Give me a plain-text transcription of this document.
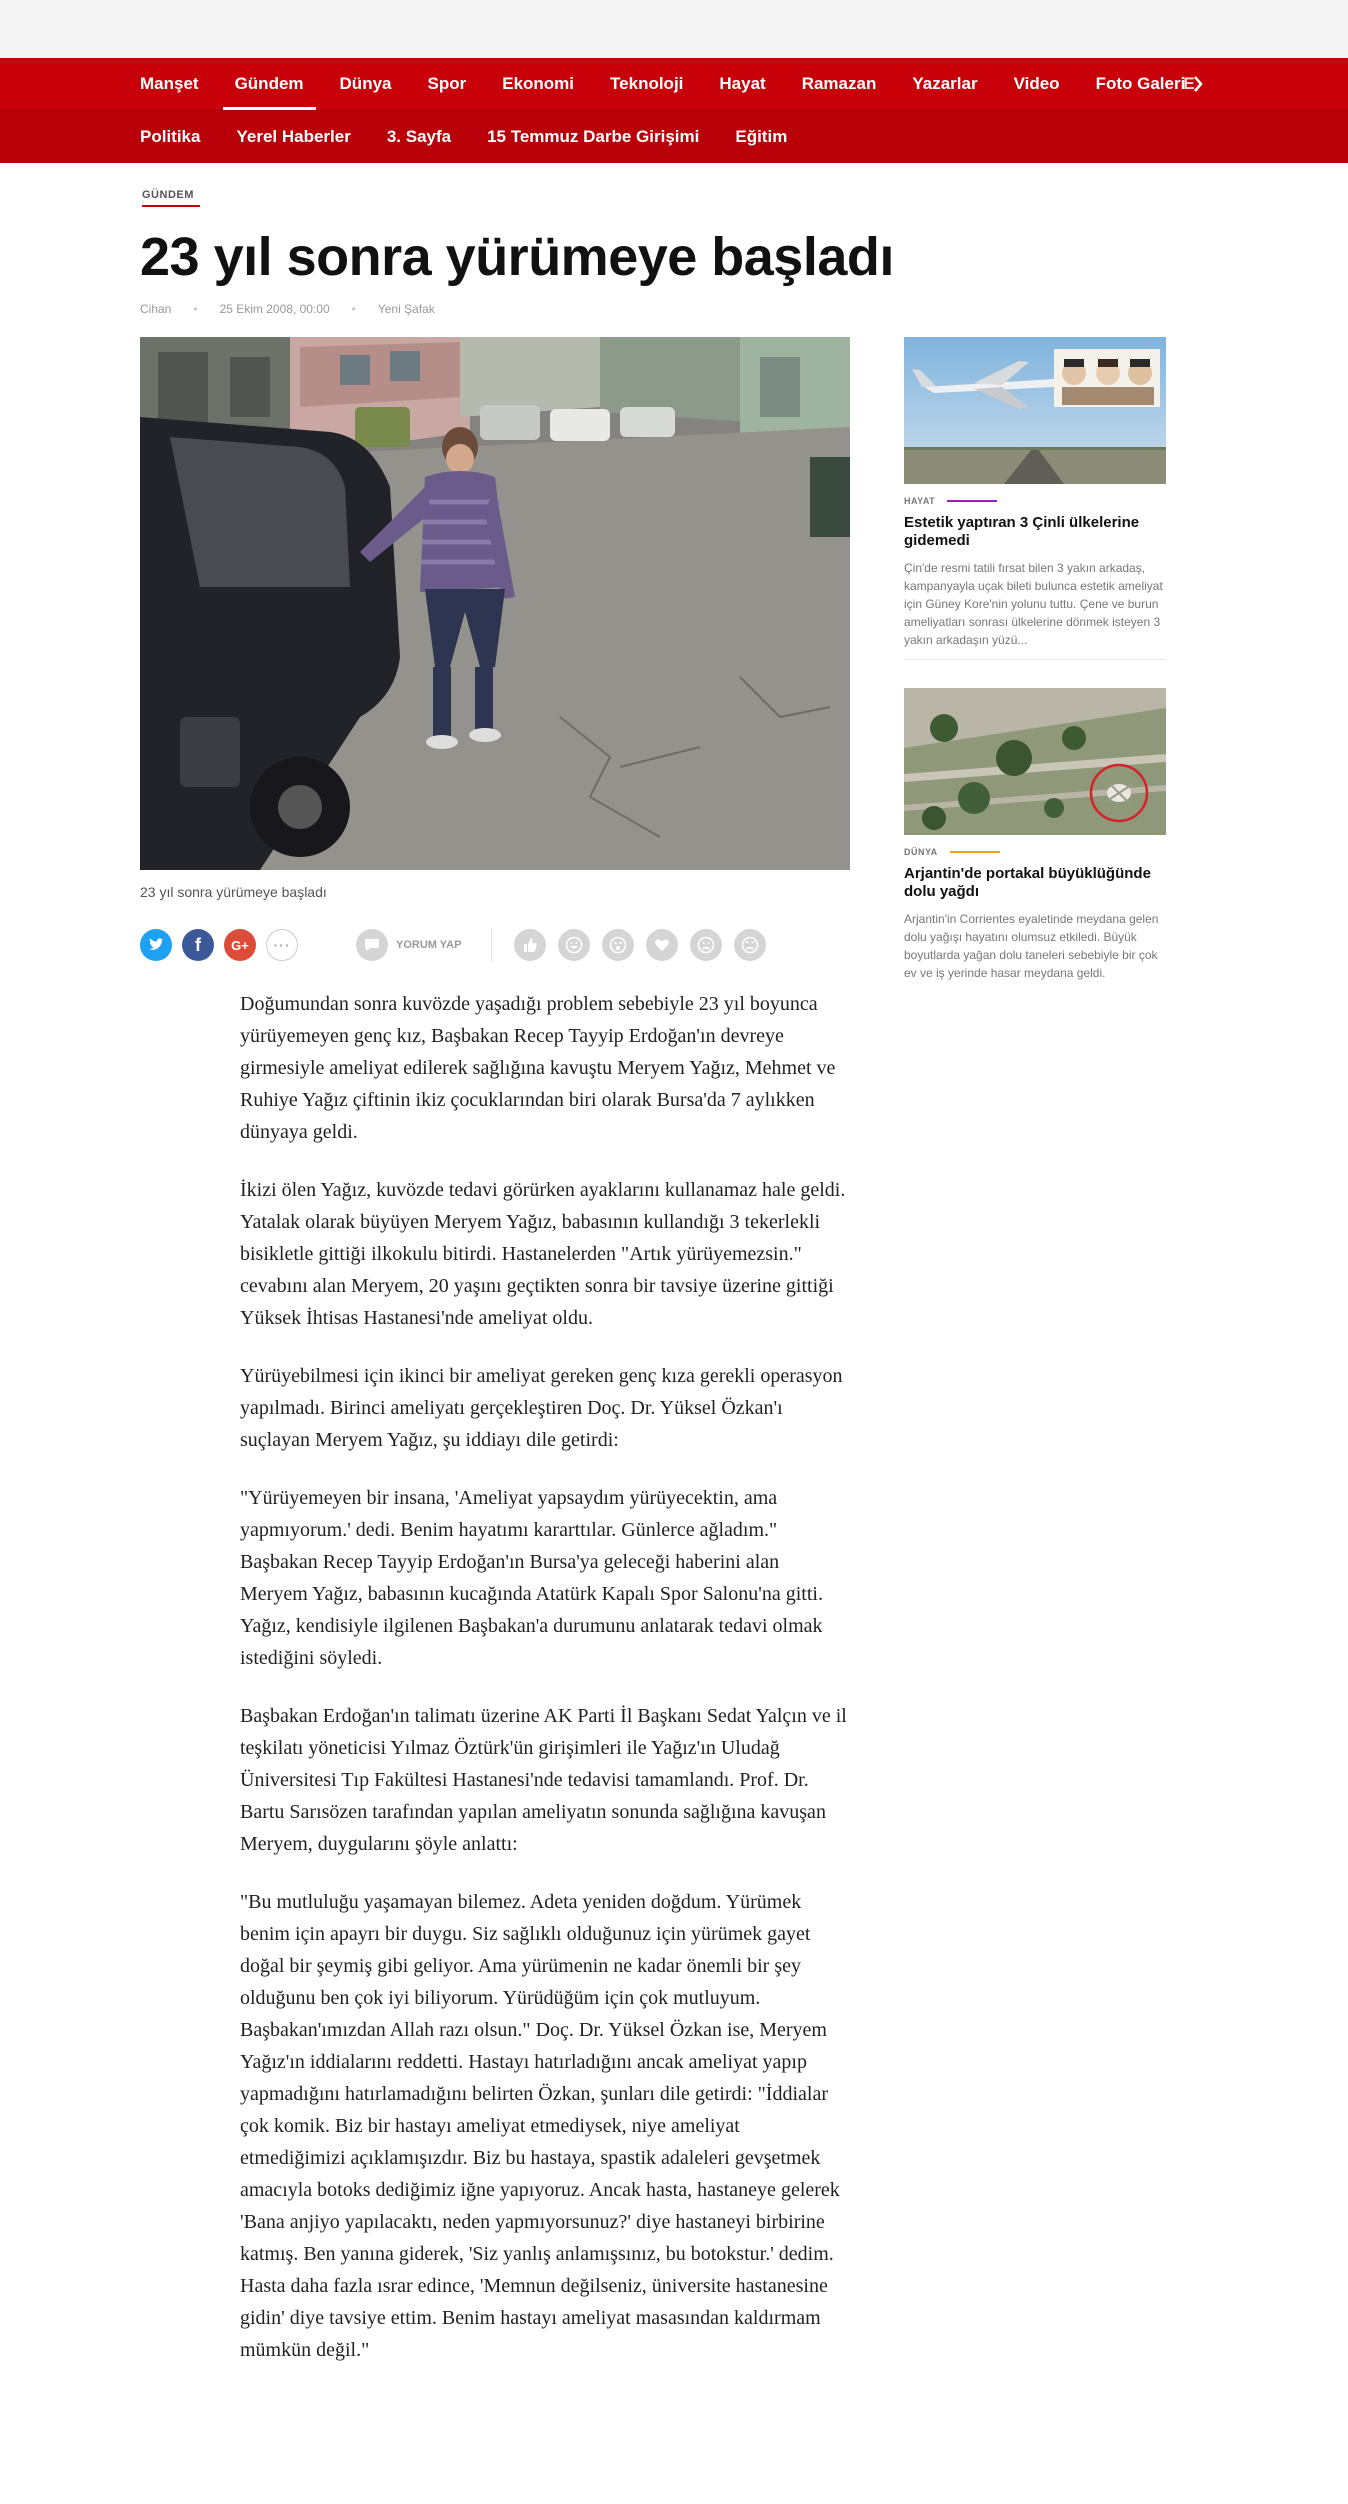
Manşet Gündem Dünya Spor Ekonomi Teknoloji Hayat Ramazan Yazarlar Video Foto Galeri
E
Politika Yerel Haberler 3. Sayfa 15 Temmuz Darbe Girişimi Eğitim
GÜNDEM
23 yıl sonra yürümeye başladı
Cihan • 25 Ekim 2008, 00:00 • Yeni Şafak
23 yıl sonra yürümeye başladı
f G+ ···	YORUM YAP

Doğumundan sonra kuvözde yaşadığı problem sebebiyle 23 yıl boyunca yürüyemeyen genç kız, Başbakan Recep Tayyip Erdoğan'ın devreye girmesiyle ameliyat edilerek sağlığına kavuştu Meryem Yağız, Mehmet ve Ruhiye Yağız çiftinin ikiz çocuklarından biri olarak Bursa'da 7 aylıkken dünyaya geldi.

İkizi ölen Yağız, kuvözde tedavi görürken ayaklarını kullanamaz hale geldi. Yatalak olarak büyüyen Meryem Yağız, babasının kullandığı 3 tekerlekli bisikletle gittiği ilkokulu bitirdi. Hastanelerden "Artık yürüyemezsin." cevabını alan Meryem, 20 yaşını geçtikten sonra bir tavsiye üzerine gittiği Yüksek İhtisas Hastanesi'nde ameliyat oldu.

Yürüyebilmesi için ikinci bir ameliyat gereken genç kıza gerekli operasyon yapılmadı. Birinci ameliyatı gerçekleştiren Doç. Dr. Yüksel Özkan'ı suçlayan Meryem Yağız, şu iddiayı dile getirdi:

"Yürüyemeyen bir insana, 'Ameliyat yapsaydım yürüyecektin, ama yapmıyorum.' dedi. Benim hayatımı kararttılar. Günlerce ağladım." Başbakan Recep Tayyip Erdoğan'ın Bursa'ya geleceği haberini alan Meryem Yağız, babasının kucağında Atatürk Kapalı Spor Salonu'na gitti. Yağız, kendisiyle ilgilenen Başbakan'a durumunu anlatarak tedavi olmak istediğini söyledi.

Başbakan Erdoğan'ın talimatı üzerine AK Parti İl Başkanı Sedat Yalçın ve il teşkilatı yöneticisi Yılmaz Öztürk'ün girişimleri ile Yağız'ın Uludağ Üniversitesi Tıp Fakültesi Hastanesi'nde tedavisi tamamlandı. Prof. Dr. Bartu Sarısözen tarafından yapılan ameliyatın sonunda sağlığına kavuşan Meryem, duygularını şöyle anlattı:

"Bu mutluluğu yaşamayan bilemez. Adeta yeniden doğdum. Yürümek benim için apayrı bir duygu. Siz sağlıklı olduğunuz için yürümek gayet doğal bir şeymiş gibi geliyor. Ama yürümenin ne kadar önemli bir şey olduğunu ben çok iyi biliyorum. Yürüdüğüm için çok mutluyum. Başbakan'ımızdan Allah razı olsun." Doç. Dr. Yüksel Özkan ise, Meryem Yağız'ın iddialarını reddetti. Hastayı hatırladığını ancak ameliyat yapıp yapmadığını hatırlamadığını belirten Özkan, şunları dile getirdi: "İddialar çok komik. Biz bir hastayı ameliyat etmediysek, niye ameliyat etmediğimizi açıklamışızdır. Biz bu hastaya, spastik adaleleri gevşetmek amacıyla botoks dediğimiz iğne yapıyoruz. Ancak hasta, hastaneye gelerek 'Bana anjiyo yapılacaktı, neden yapmıyorsunuz?' diye hastaneyi birbirine katmış. Ben yanına giderek, 'Siz yanlış anlamışsınız, bu botokstur.' dedim. Hasta daha fazla ısrar edince, 'Memnun değilseniz, üniversite hastanesine gidin' diye tavsiye ettim. Benim hastayı ameliyat masasından kaldırmam mümkün değil."

HAYAT
Estetik yaptıran 3 Çinli ülkelerine gidemedi
Çin'de resmi tatili fırsat bilen 3 yakın arkadaş, kampanyayla uçak bileti bulunca estetik ameliyat için Güney Kore'nin yolunu tuttu. Çene ve burun ameliyatları sonrası ülkelerine dönmek isteyen 3 yakın arkadaşın yüzü...
DÜNYA
Arjantin'de portakal büyüklüğünde dolu yağdı
Arjantin'in Corrientes eyaletinde meydana gelen dolu yağışı hayatını olumsuz etkiledi. Büyük boyutlarda yağan dolu taneleri sebebiyle bir çok ev ve iş yerinde hasar meydana geldi.
